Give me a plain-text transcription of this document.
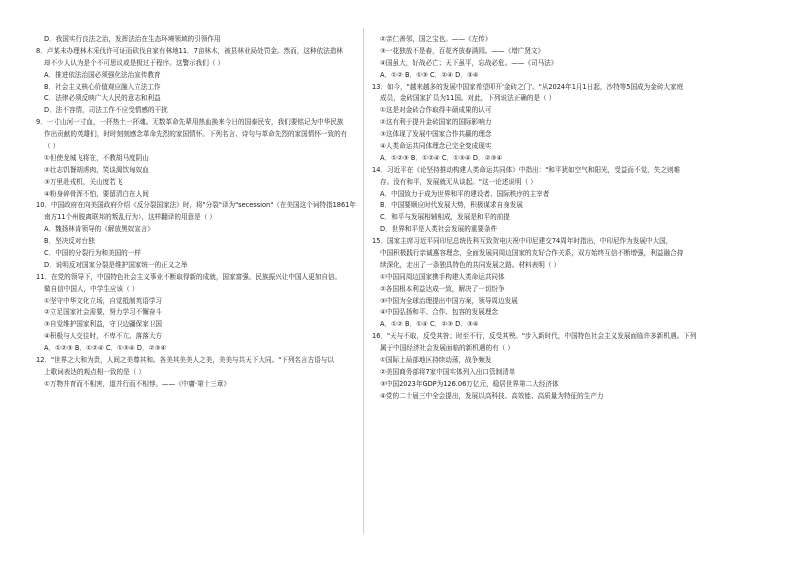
D．我国实行良法之治，发挥法治在生态环境领域的引领作用
8．卢某未办理林木采伐许可证而砍伐自家有林地11．7亩林木，被县林业局处罚金。然而，这种依法造林
却不少人认为是个不可思议或是极过于程序。这警示我们（ ）
A．推进依法治国必须强化法治宣传教育
B．社会主义核心价值观应融入立法工作
C．法律必须反映广大人民的意志和利益
D．法不容情，司法工作不应受情感的干扰
9．一寸山河一寸血，一抔热土一抔魂。无数革命先辈用热血换来今日的国泰民安，我们要铭记为中华民族
作出贡献的英雄们，时时刻刻感念革命先烈的家国情怀。下列名言、诗句与革命先烈的家国情怀一致的有
（ ）
①但使龙城飞将在，不教胡马度阴山
②壮志饥餐胡虏肉，笑谈渴饮匈奴血
③万里赴戎机，关山度若飞
④粉身碎骨浑不怕，要留清白在人间
10．中国政府在向美国政府介绍《反分裂国家法》时，将"分裂"译为"secession"（在美国这个词特指1861年
南方11个州脱离联邦的叛乱行为），这样翻译的用意是（ ）
A．魏扬林肯领导的《解放黑奴宣言》
B．坚决反对台独
C．中国的分裂行为和美国的一样
D．说明反对国家分裂是维护国家统一的正义之举
11．在党的领导下，中国特色社会主义事业不断取得新的成就，国家富强、民族振兴让中国人更加自信。
做自信中国人，中学生应该（ ）
①坚守中华文化立场，自觉抵制英语学习
②立足国家社会需要，努力学习不懈奋斗
③自觉维护国家利益，守卫边疆保家卫国
④积极与人交往时，不卑不亢、落落大方
A．①②③ B．①②④ C．①③④ D．②③④
12．"世界之大和为贵，人间之美尊其和。各美其美美人之美，美美与共天下大同。"下列名言古语与以
上歌词表达的观点相一致的是（ ）
①万物并育而不相害，道并行而不相悖。——《中庸·第十三章》
②亲仁善邻，国之宝也。——《左传》
③一花独放不是春，百花齐放春满园。——《增广贤文》
④国虽大，好战必亡；天下虽平，忘战必危。——《司马法》
A．①② B．①③ C．②④ D．③④
13．如今，"越来越多的发展中国家希望叩开'金砖之门'。"从2024年1月1日起，沙特等5国成为金砖大家庭
成员，金砖国家扩员为11国。对此，下列说法正确的是（ ）
①这是对金砖合作取得丰硕成果的认可
②这有利于提升金砖国家的国际影响力
③这体现了发展中国家合作共赢的理念
④人类命运共同体理念已完全变成现实
A．①②③ B．①②④ C．①③④ D．②③④
14．习近平在《论坚持推动构建人类命运共同体》中指出："和平犹如空气和阳光，受益而不觉，失之则难
存。没有和平，发展就无从谈起。"这一论述说明（ ）
A．中国致力于成为世界和平的建设者、国际秩序的主宰者
B．中国要顺应时代发展大势，积极谋求自身发展
C．和平与发展相辅相成，发展是和平的前提
D．世界和平是人类社会发展的重要条件
15．国家主席习近平同印尼总统佐科互致贺电庆祝中印尼建交74周年时指出，中印尼作为发展中大国，
中国积极践行亲诚惠容理念，全面发展同周边国家的友好合作关系，双方始终互信不断增强，利益融合持
续深化，走出了一条独具特色的共同发展之路。材料表明（ ）
①中国同周边国家携手构建人类命运共同体
②各国根本利益达成一致，解决了一切纷争
③中国为全球治理提出中国方案，领导周边发展
④中国弘扬和平、合作、包容的发展理念
A．①② B．①④ C．②③ D．③④
16．"天与不取，反受其咎；时至不行，反受其殃。"步入新时代，中国特色社会主义发展面临许多新机遇。下列
属于中国经济社会发展面临的新机遇的有（ ）
①国际上局部地区持续动荡，战争频发
②美国商务部将7家中国实体列入出口管制清单
③中国2023年GDP为126.06万亿元，稳居世界第二大经济体
④党的二十届三中全会提出，发展以高科技、高效能、高质量为特征的生产力
